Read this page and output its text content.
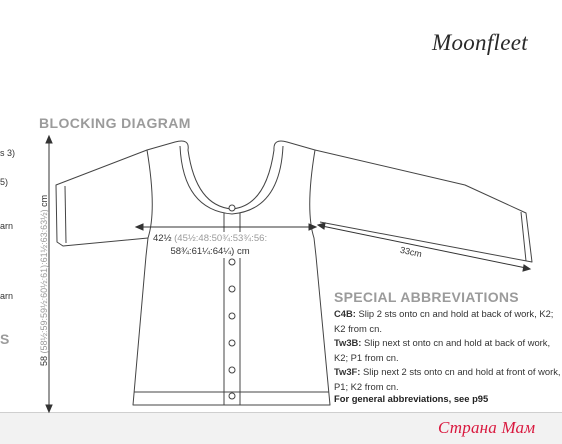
Moonfleet
BLOCKING DIAGRAM
s 3)
5)
arn
arn
S
58 (58½:59:59½:60½:61):61½:63:63½) cm
42½ (45½:48:50¾:53¾:56:
58¾:61¼:64¼) cm	33cm
SPECIAL ABBREVIATIONS

C4B: Slip 2 sts onto cn and hold at back of work, K2; K2 from cn.

Tw3B: Slip next st onto cn and hold at back of work, K2; P1 from cn.

Tw3F: Slip next 2 sts onto cn and hold at front of work, P1; K2 from cn.

For general abbreviations, see p95
Страна Мам
